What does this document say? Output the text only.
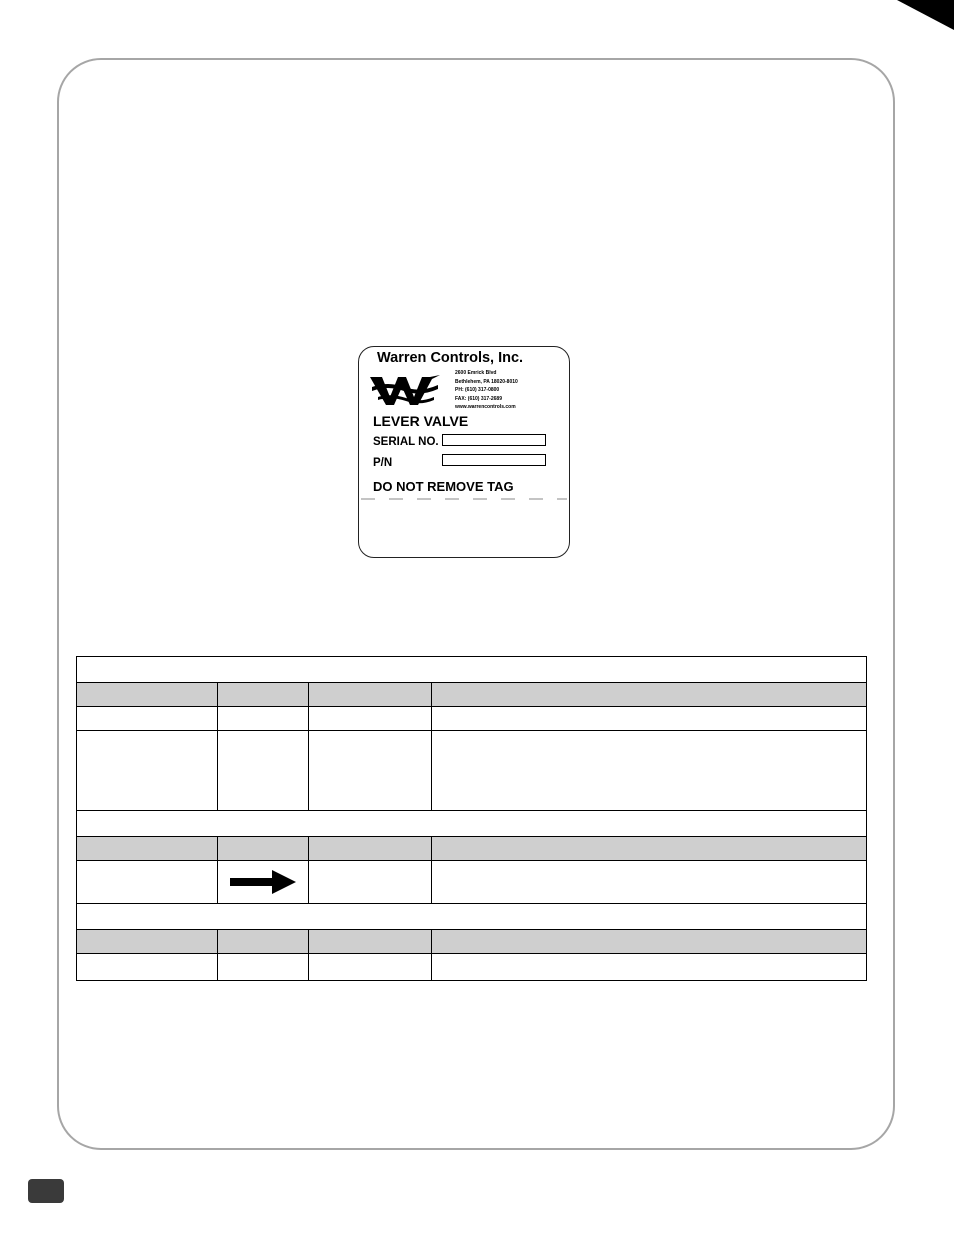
Warren Controls, Inc.
2600 Emrick Blvd
Bethlehem, PA 18020-8010
PH: (610) 317-0800
FAX: (610) 317-2689
www.warrencontrols.com
LEVER VALVE
SERIAL NO.
P/N
DO NOT REMOVE TAG
